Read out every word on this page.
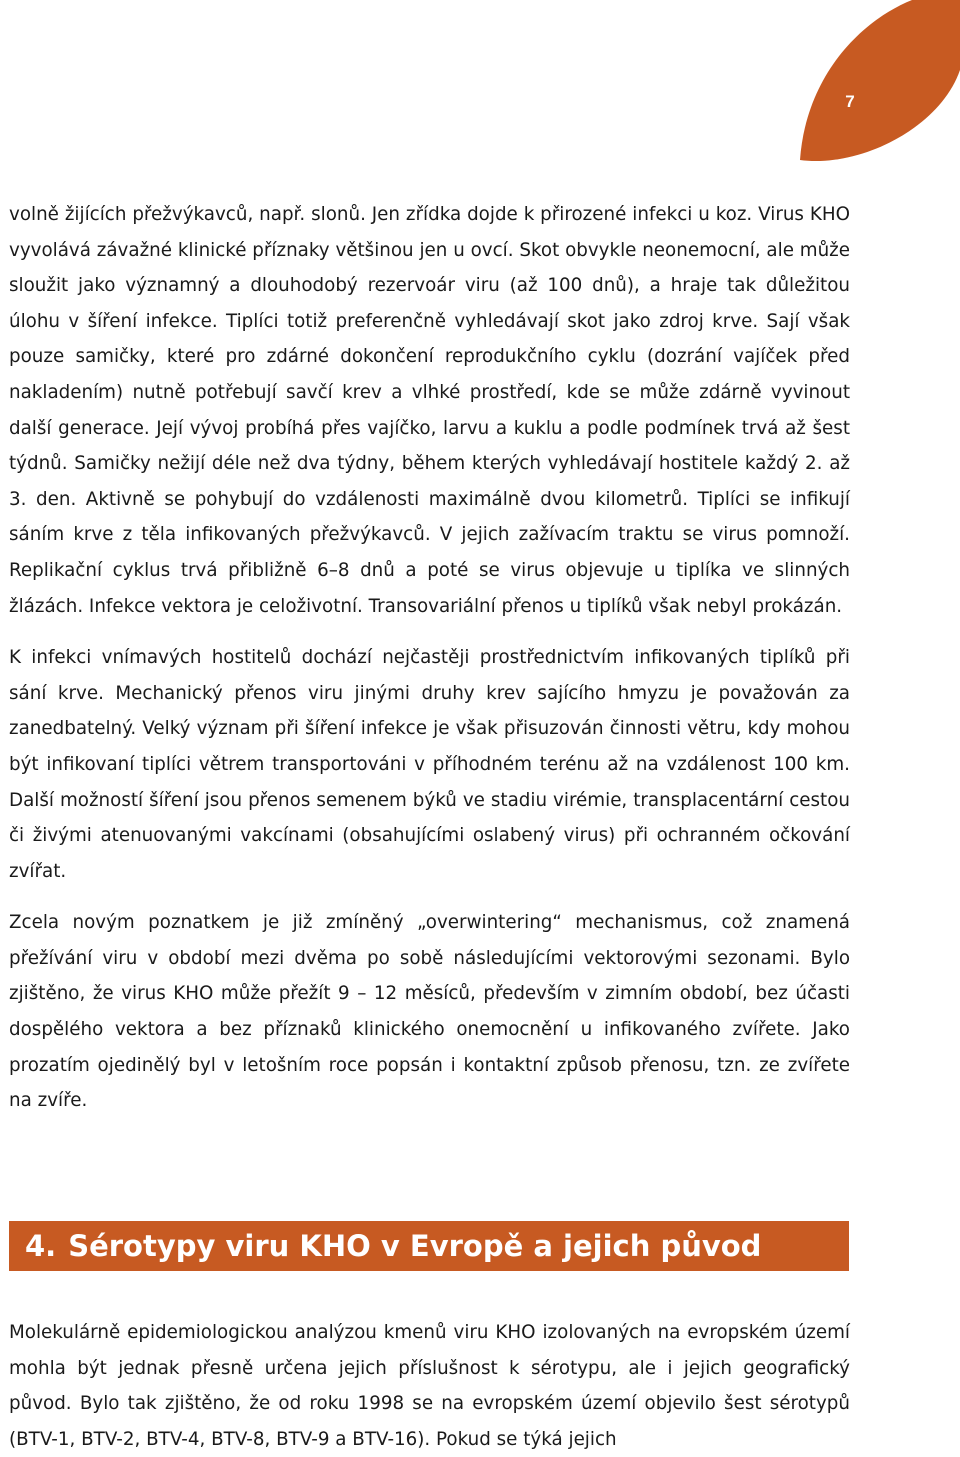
7

volně žijících přežvýkavců, např. slonů. Jen zřídka dojde k přirozené infekci u koz. Virus KHO vyvolává závažné klinické příznaky většinou jen u ovcí. Skot obvykle neonemocní, ale může sloužit jako významný a dlouhodobý rezervoár viru (až 100 dnů), a hraje tak důležitou úlohu v šíření infekce. Tiplíci totiž preferenčně vyhledávají skot jako zdroj krve. Sají však pouze samičky, které pro zdárné dokončení reprodukčního cyklu (dozrání vajíček před nakladením) nutně potřebují savčí krev a vlhké prostředí, kde se může zdárně vyvinout další generace. Její vývoj probíhá přes vajíčko, larvu a kuklu a podle podmínek trvá až šest týdnů. Samičky nežijí déle než dva týdny, během kterých vyhledávají hostitele každý 2. až 3. den. Aktivně se pohybují do vzdálenosti maximálně dvou kilometrů. Tiplíci se infikují sáním krve z těla infikovaných přežvýkavců. V jejich zažívacím traktu se virus pomnoží. Replikační cyklus trvá přibližně 6–8 dnů a poté se virus objevuje u tiplíka ve slinných žlázách. Infekce vektora je celoživotní. Transovariální přenos u tiplíků však nebyl prokázán.

K infekci vnímavých hostitelů dochází nejčastěji prostřednictvím infikovaných tiplíků při sání krve. Mechanický přenos viru jinými druhy krev sajícího hmyzu je považován za zanedbatelný. Velký význam při šíření infekce je však přisuzován činnosti větru, kdy mohou být infikovaní tiplíci větrem transportováni v příhodném terénu až na vzdálenost 100 km. Další možností šíření jsou přenos semenem býků ve stadiu virémie, transplacentární cestou či živými atenuovanými vakcínami (obsahujícími oslabený virus) při ochranném očkování zvířat.

Zcela novým poznatkem je již zmíněný „overwintering“ mechanismus, což znamená přežívání viru v období mezi dvěma po sobě následujícími vektorovými sezonami. Bylo zjištěno, že virus KHO může přežít 9 – 12 měsíců, především v zimním období, bez účasti dospělého vektora a bez příznaků klinického onemocnění u infikovaného zvířete. Jako prozatím ojedinělý byl v letošním roce popsán i kontaktní způsob přenosu, tzn. ze zvířete na zvíře.

4. Sérotypy viru KHO v Evropě a jejich původ

Molekulárně epidemiologickou analýzou kmenů viru KHO izolovaných na evropském území mohla být jednak přesně určena jejich příslušnost k sérotypu, ale i jejich geografický původ. Bylo tak zjištěno, že od roku 1998 se na evropském území objevilo šest sérotypů (BTV-1, BTV-2, BTV-4, BTV-8, BTV-9 a BTV-16). Pokud se týká jejich
